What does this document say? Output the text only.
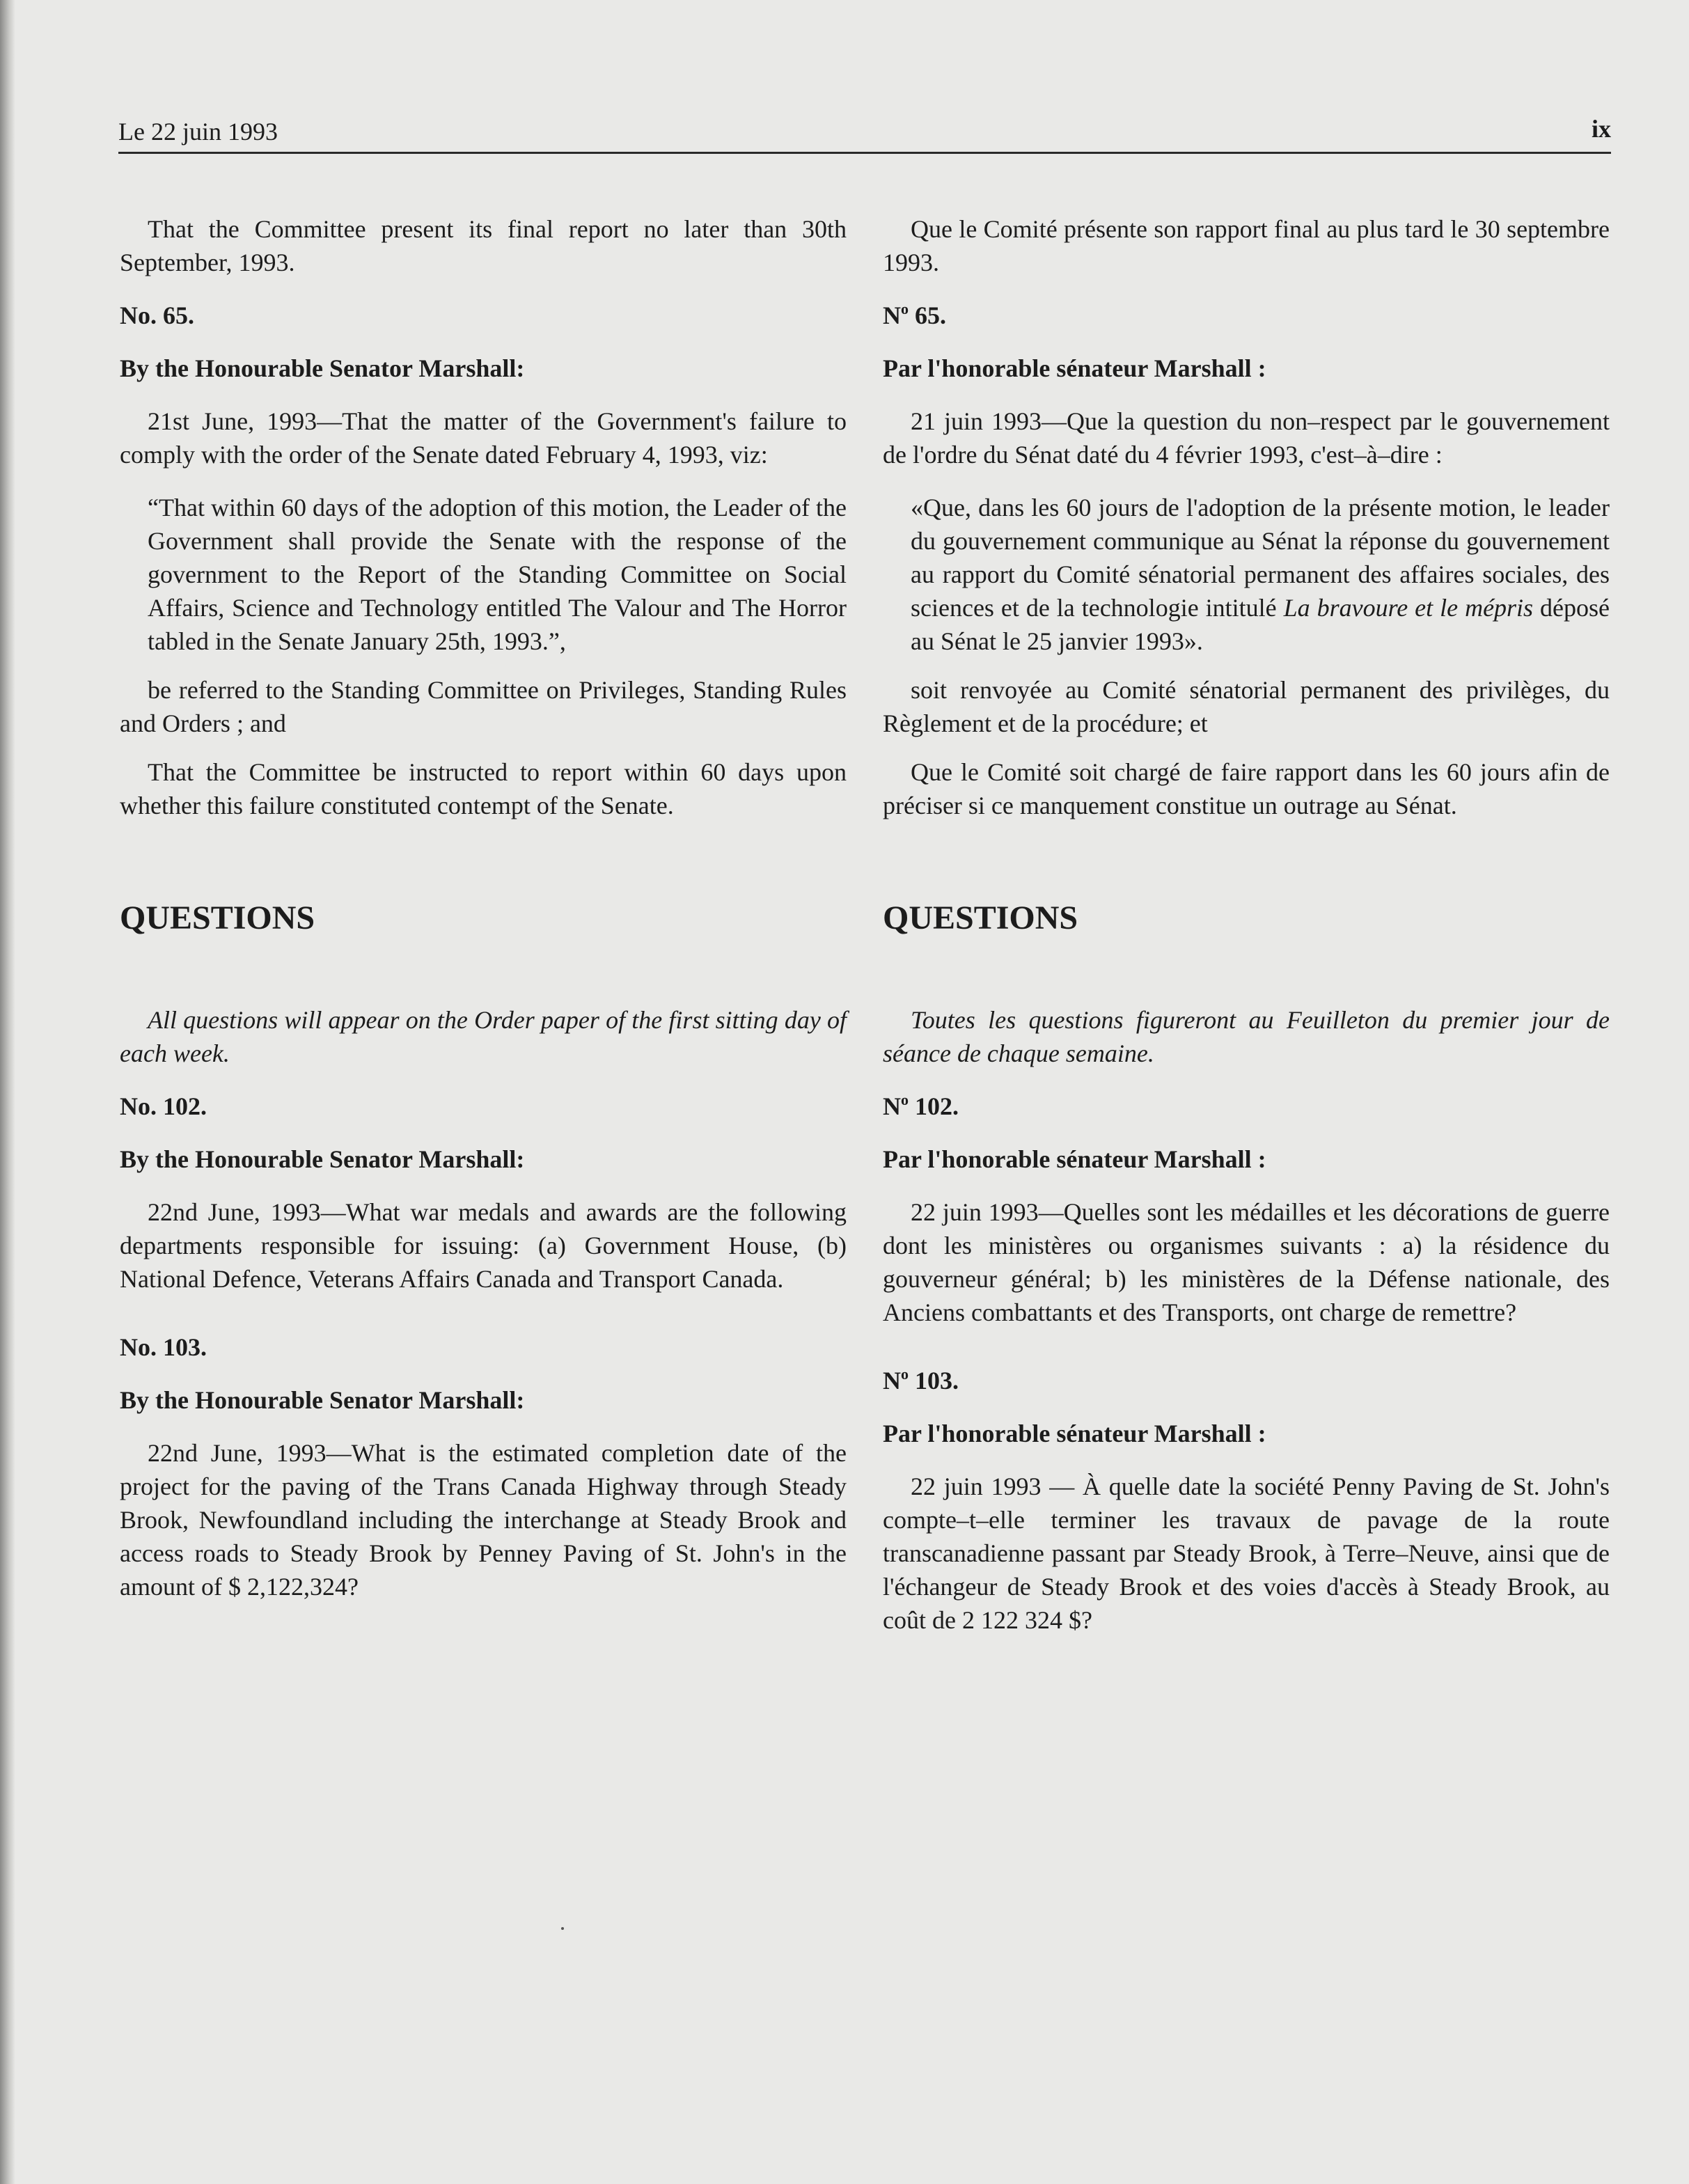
Le 22 juin 1993	ix

That the Committee present its final report no later than 30th September, 1993.

No. 65.

By the Honourable Senator Marshall:

21st June, 1993—That the matter of the Government's failure to comply with the order of the Senate dated February 4, 1993, viz:

“That within 60 days of the adoption of this motion, the Leader of the Government shall provide the Senate with the response of the government to the Report of the Standing Committee on Social Affairs, Science and Technology entitled The Valour and The Horror tabled in the Senate January 25th, 1993.”,

be referred to the Standing Committee on Privileges, Standing Rules and Orders ; and

That the Committee be instructed to report within 60 days upon whether this failure constituted contempt of the Senate.

QUESTIONS

All questions will appear on the Order paper of the first sitting day of each week.

No. 102.

By the Honourable Senator Marshall:

22nd June, 1993—What war medals and awards are the following departments responsible for issuing: (a) Government House, (b) National Defence, Veterans Affairs Canada and Transport Canada.

No. 103.

By the Honourable Senator Marshall:

22nd June, 1993—What is the estimated completion date of the project for the paving of the Trans Canada Highway through Steady Brook, Newfoundland including the interchange at Steady Brook and access roads to Steady Brook by Penney Paving of St. John's in the amount of $ 2,122,324?

Que le Comité présente son rapport final au plus tard le 30 septembre 1993.

$N^o$ 65.

Par l'honorable sénateur Marshall :

21 juin 1993—Que la question du non–respect par le gouvernement de l'ordre du Sénat daté du 4 février 1993, c'est–à–dire :

«Que, dans les 60 jours de l'adoption de la présente motion, le leader du gouvernement communique au Sénat la réponse du gouvernement au rapport du Comité sénatorial permanent des affaires sociales, des sciences et de la technologie intitulé La bravoure et le mépris déposé au Sénat le 25 janvier 1993».

soit renvoyée au Comité sénatorial permanent des privilèges, du Règlement et de la procédure; et

Que le Comité soit chargé de faire rapport dans les 60 jours afin de préciser si ce manquement constitue un outrage au Sénat.

QUESTIONS

Toutes les questions figureront au Feuilleton du premier jour de séance de chaque semaine.

$N^o$ 102.

Par l'honorable sénateur Marshall :

22 juin 1993—Quelles sont les médailles et les décorations de guerre dont les ministères ou organismes suivants : a) la résidence du gouverneur général; b) les ministères de la Défense nationale, des Anciens combattants et des Transports, ont charge de remettre?

$N^o$ 103.

Par l'honorable sénateur Marshall :

22 juin 1993 — À quelle date la société Penny Paving de St. John's compte–t–elle terminer les travaux de pavage de la route transcanadienne passant par Steady Brook, à Terre–Neuve, ainsi que de l'échangeur de Steady Brook et des voies d'accès à Steady Brook, au coût de 2 122 324 $?
